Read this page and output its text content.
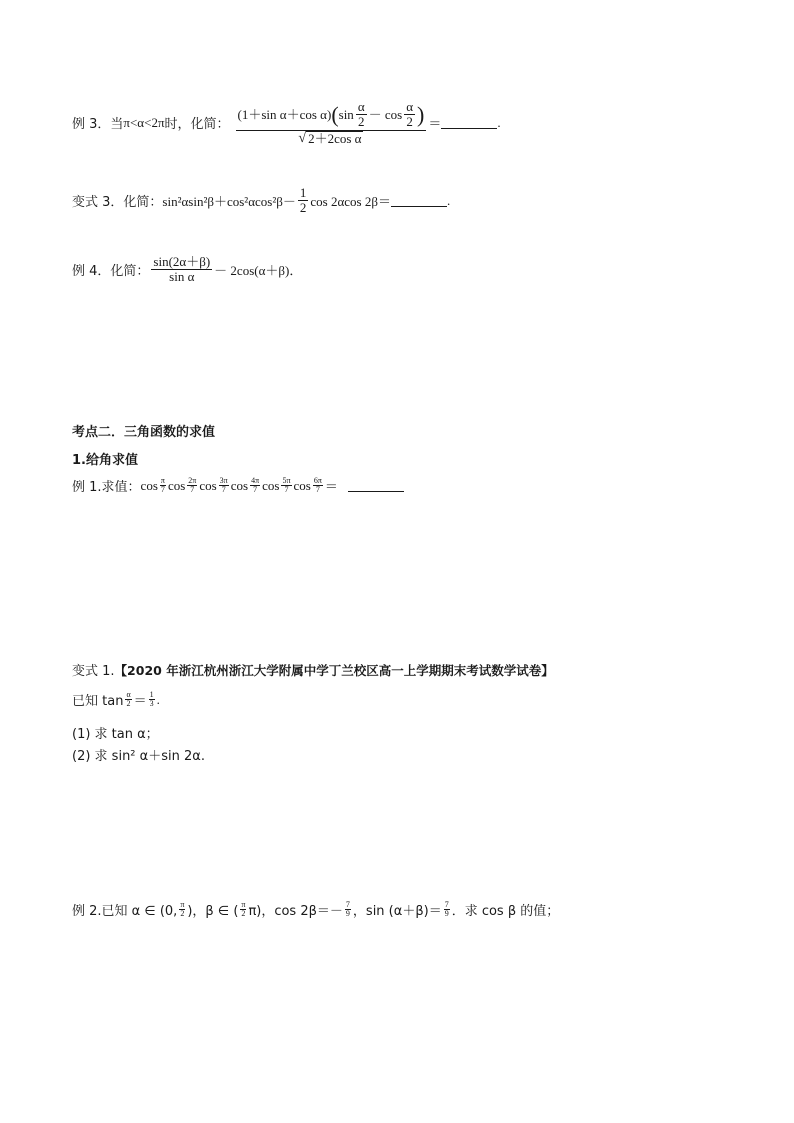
例 3．当 π<α<2π 时，化简：
(1＋sin α＋cos α) ( $\sin \frac{\alpha}{2} - \cos \frac{\alpha}{2}$ )
√ 2＋2cos α
＝	.
变式 3．化简： $\sin^2\alpha\sin^2\beta+\cos^2\alpha\cos^2\beta- \frac{1}{2}$ cos 2αcos 2β＝	.
例 4．化简： $\frac{\sin(2\alpha+\beta)}{\text{sin α}} - 2\cos(\alpha+\beta)$．
考点二．三角函数的求值
1.给角求值
例 1.求值： $\cos \frac{\pi}{7}$ $\cos \frac{2\pi}{7}$ $\cos \frac{3\pi}{7}$ $\cos \frac{4\pi}{7}$ $\cos \frac{5\pi}{7}$ $\cos \frac{6\pi}{7}$ ＝
变式 1. 【2020 年浙江杭州浙江大学附属中学丁兰校区高一上学期期末考试数学试卷】
已知 $\tan \frac{\alpha}{2} = \frac{1}{3}$ .
(1) 求 tan α；
(2) 求 sin² α＋sin 2α.
例 2.已知 α ∈ (0, $\frac{\pi}{2}$ )，β ∈ ( $\frac{\pi}{2} \pi$)，$\cos 2\beta=- \frac{7}{9}$ ，$\sin (\alpha+\beta)= \frac{7}{9}$ ．求 cos β 的值；
